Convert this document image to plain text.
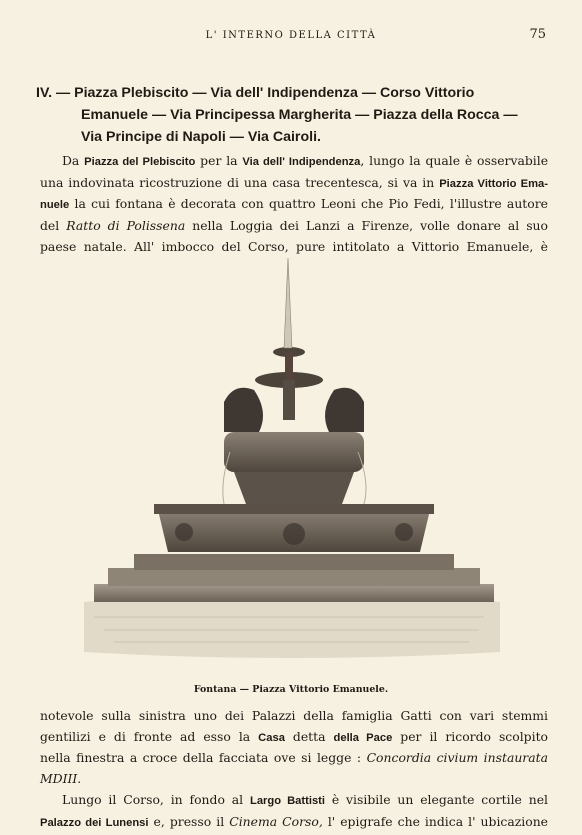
L' INTERNO DELLA CITTÀ	75
IV. — Piazza Plebiscito — Via dell' Indipendenza — Corso Vittorio
Emanuele — Via Principessa Margherita — Piazza della Rocca —
Via Principe di Napoli — Via Cairoli.
Da Piazza del Plebiscito per la Via dell' Indipendenza, lungo la quale è osservabile
una indovinata ricostruzione di una casa trecentesca, si va in Piazza Vittorio Ema-
nuele la cui fontana è decorata con quattro Leoni che Pio Fedi, l'illustre autore
del Ratto di Polissena nella Loggia dei Lanzi a Firenze, volle donare al suo
paese natale. All' imbocco del Corso, pure intitolato a Vittorio Emanuele, è
Fontana — Piazza Vittorio Emanuele.
notevole sulla sinistra uno dei Palazzi della famiglia Gatti con vari stemmi
gentilizi e di fronte ad esso la Casa detta della Pace per il ricordo scolpito
nella finestra a croce della facciata ove si legge : Concordia civium instaurata
MDIII.
Lungo il Corso, in fondo al Largo Battisti è visibile un elegante cortile nel
Palazzo dei Lunensi e, presso il Cinema Corso, l' epigrafe che indica l' ubicazione
